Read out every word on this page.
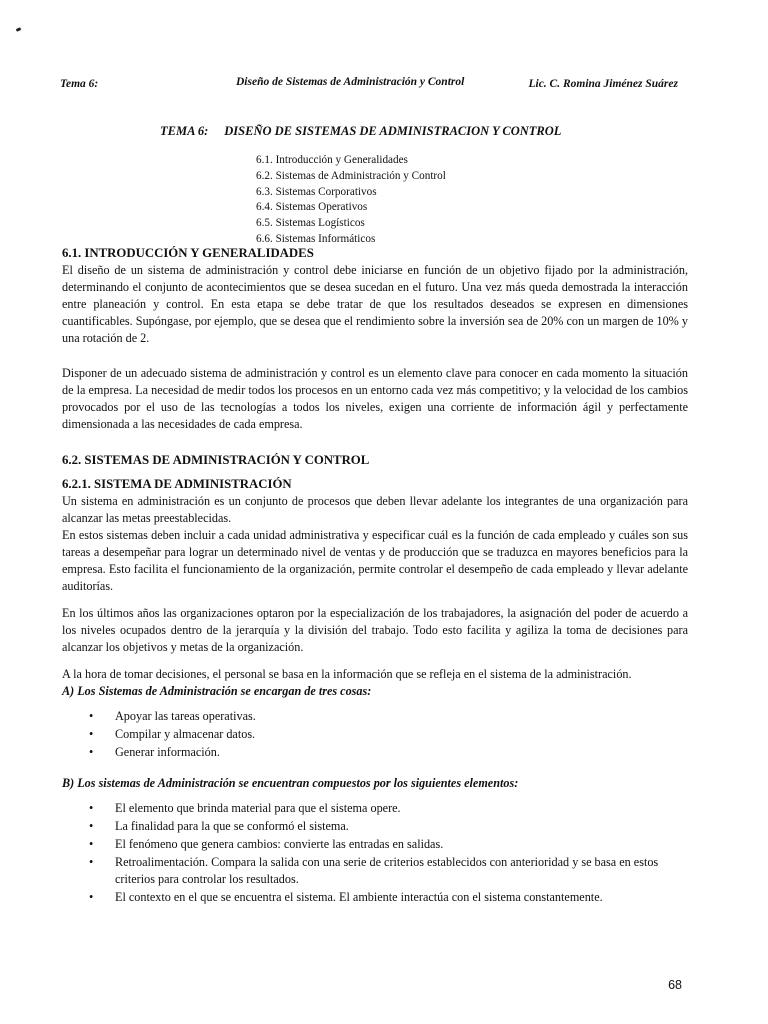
Tema 6:	Diseño de Sistemas de Administración y Control	Lic. C. Romina Jiménez Suárez
TEMA 6: DISEÑO DE SISTEMAS DE ADMINISTRACION Y CONTROL
6.1. Introducción y Generalidades
6.2. Sistemas de Administración y Control
6.3. Sistemas Corporativos
6.4. Sistemas Operativos
6.5. Sistemas Logísticos
6.6. Sistemas Informáticos
6.1. INTRODUCCIÓN Y GENERALIDADES

El diseño de un sistema de administración y control debe iniciarse en función de un objetivo fijado por la administración, determinando el conjunto de acontecimientos que se desea sucedan en el futuro. Una vez más queda demostrada la interacción entre planeación y control. En esta etapa se debe tratar de que los resultados deseados se expresen en dimensiones cuantificables. Supóngase, por ejemplo, que se desea que el rendimiento sobre la inversión sea de 20% con un margen de 10% y una rotación de 2.

Disponer de un adecuado sistema de administración y control es un elemento clave para conocer en cada momento la situación de la empresa. La necesidad de medir todos los procesos en un entorno cada vez más competitivo; y la velocidad de los cambios provocados por el uso de las tecnologías a todos los niveles, exigen una corriente de información ágil y perfectamente dimensionada a las necesidades de cada empresa.

6.2. SISTEMAS DE ADMINISTRACIÓN Y CONTROL
6.2.1. SISTEMA DE ADMINISTRACIÓN

Un sistema en administración es un conjunto de procesos que deben llevar adelante los integrantes de una organización para alcanzar las metas preestablecidas.

En estos sistemas deben incluir a cada unidad administrativa y especificar cuál es la función de cada empleado y cuáles son sus tareas a desempeñar para lograr un determinado nivel de ventas y de producción que se traduzca en mayores beneficios para la empresa. Esto facilita el funcionamiento de la organización, permite controlar el desempeño de cada empleado y llevar adelante auditorías.

En los últimos años las organizaciones optaron por la especialización de los trabajadores, la asignación del poder de acuerdo a los niveles ocupados dentro de la jerarquía y la división del trabajo. Todo esto facilita y agiliza la toma de decisiones para alcanzar los objetivos y metas de la organización.

A la hora de tomar decisiones, el personal se basa en la información que se refleja en el sistema de la administración.

A) Los Sistemas de Administración se encargan de tres cosas:

• Apoyar las tareas operativas.
• Compilar y almacenar datos.
• Generar información.

B) Los sistemas de Administración se encuentran compuestos por los siguientes elementos:

• El elemento que brinda material para que el sistema opere.
• La finalidad para la que se conformó el sistema.
• El fenómeno que genera cambios: convierte las entradas en salidas.
• Retroalimentación. Compara la salida con una serie de criterios establecidos con anterioridad y se basa en estos criterios para controlar los resultados.
• El contexto en el que se encuentra el sistema. El ambiente interactúa con el sistema constantemente.
68
